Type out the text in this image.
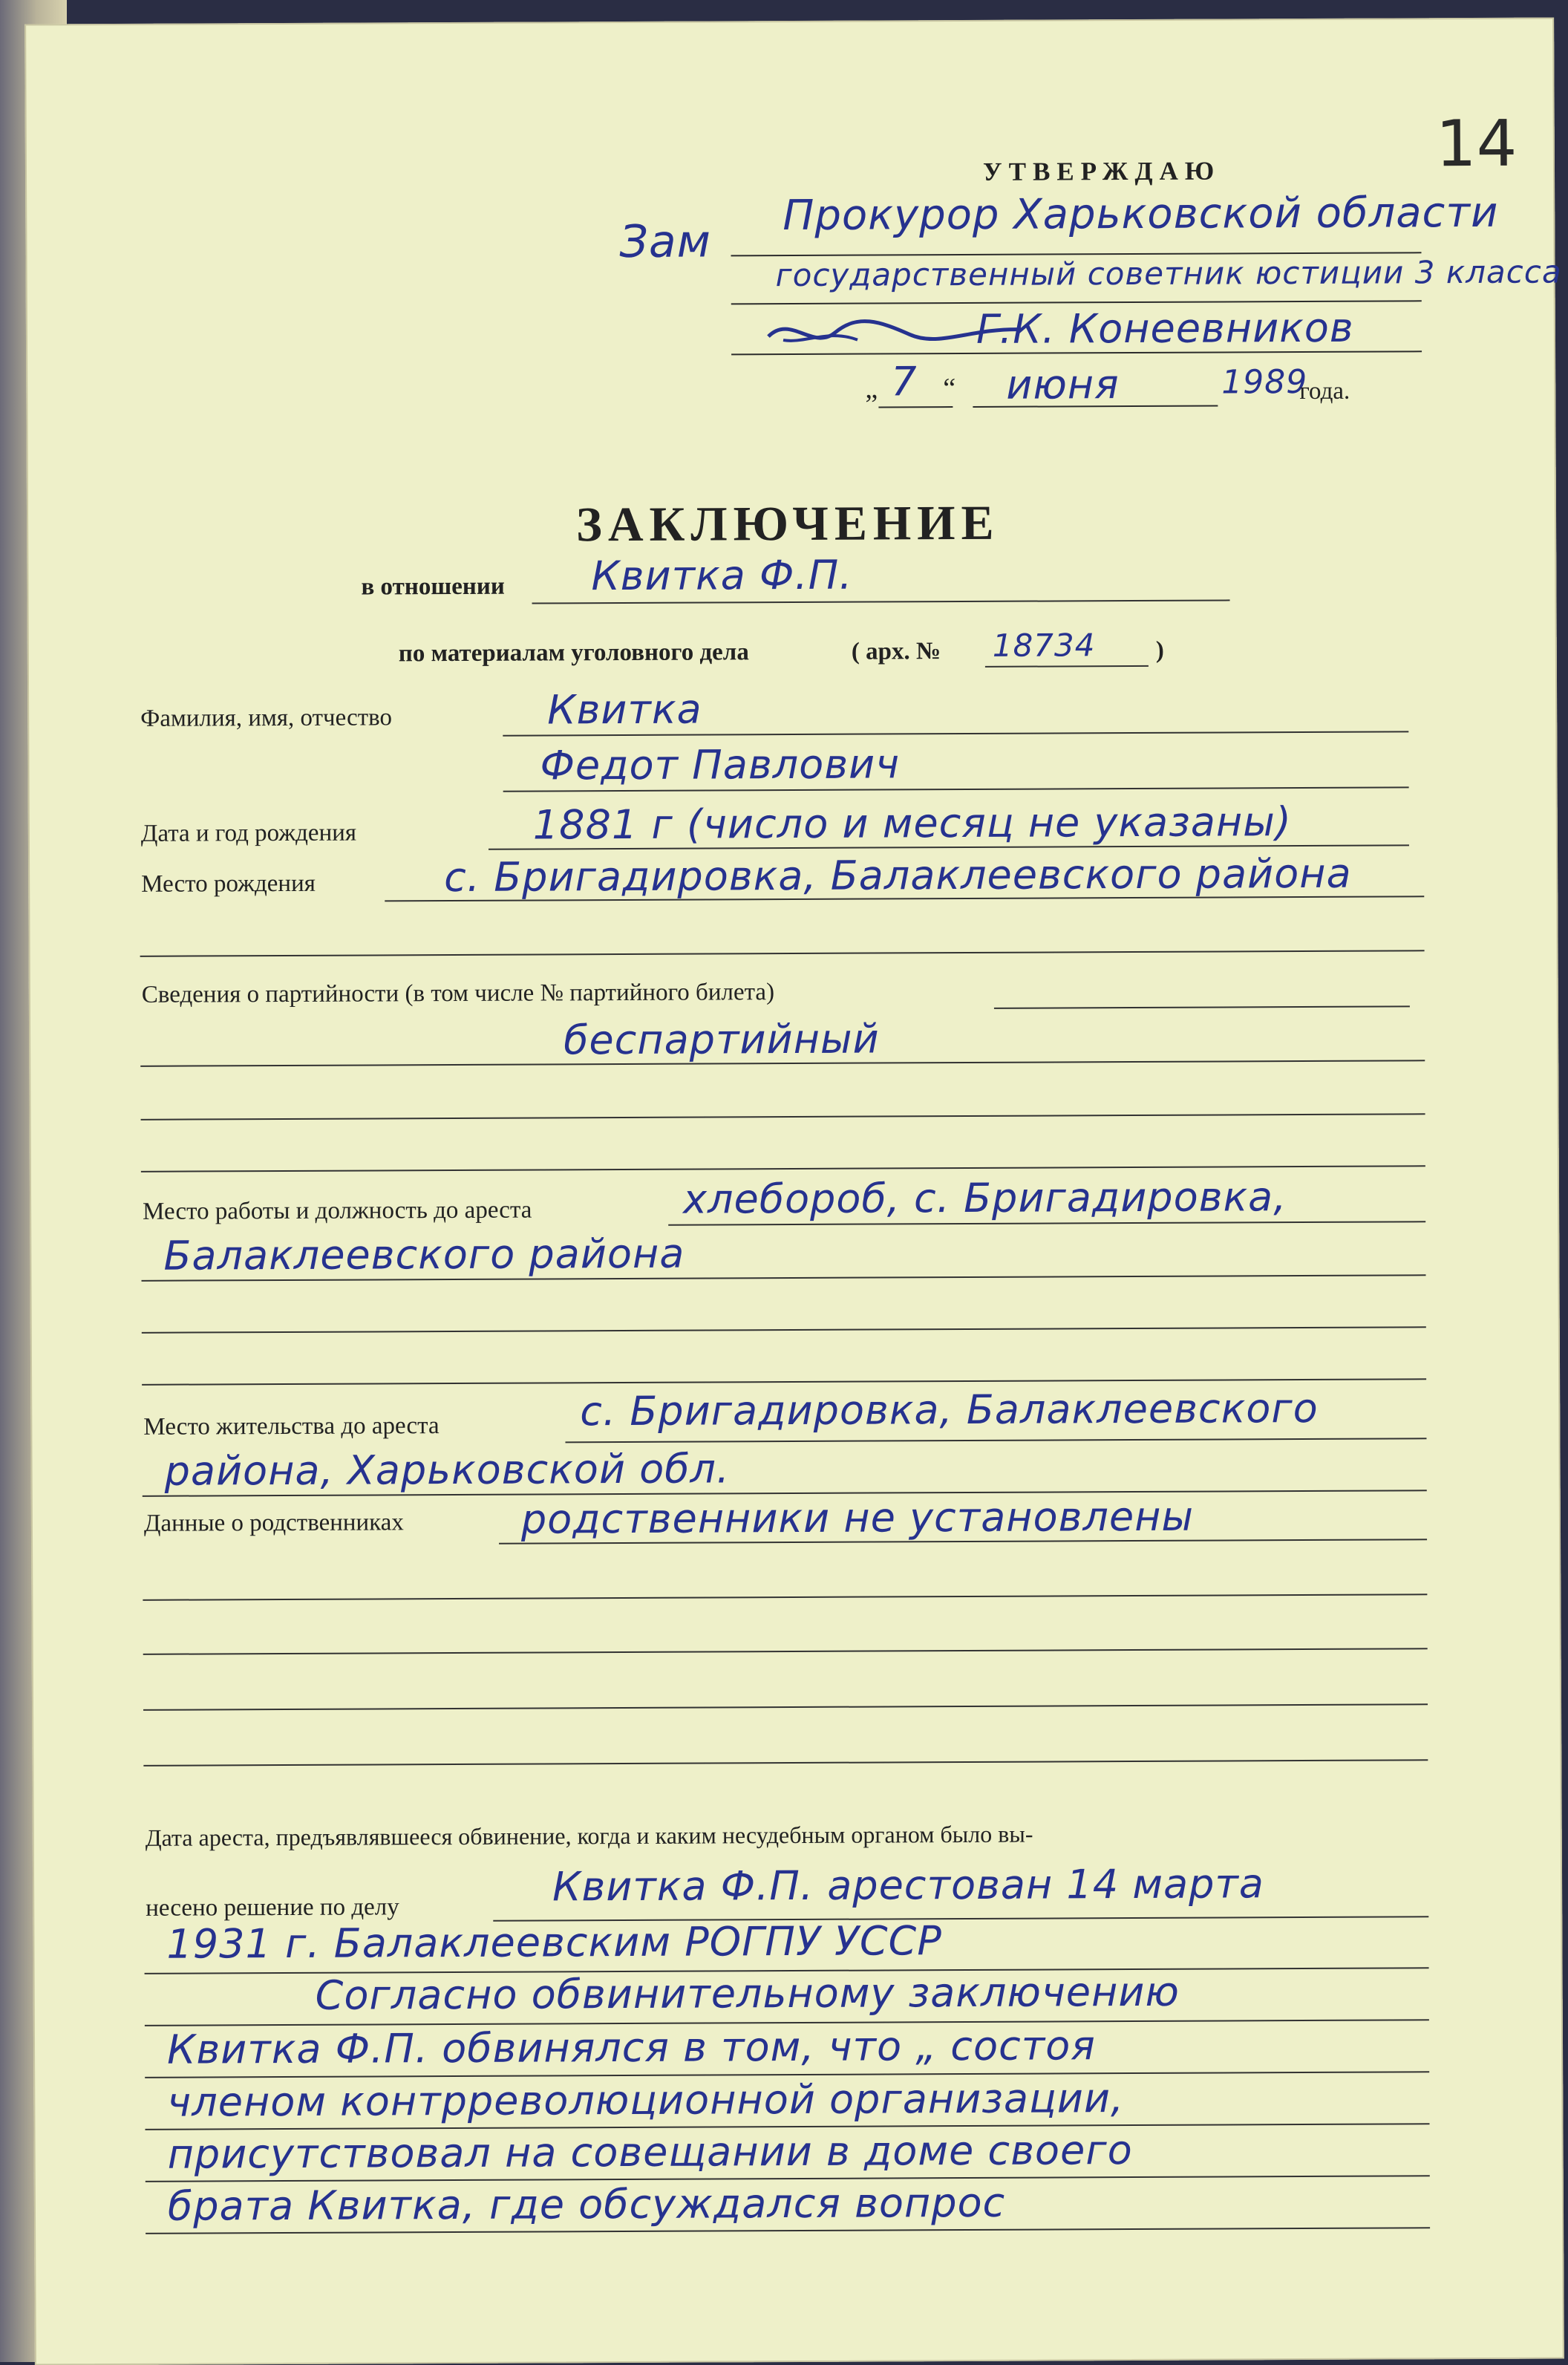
14
УТВЕРЖДАЮ
Зам
Прокурор Харьковской области
государственный советник юстиции 3 класса
Г.К. Конеевников
„ 7 “ июня	1989
года.
ЗАКЛЮЧЕНИЕ
в отношении Квитка Ф.П.
по материалам уголовного дела	( арх. № 18734 )
Фамилия, имя, отчество	Квитка
Федот Павлович
Дата и год рождения	1881 г (число и месяц не указаны)
Место рождения	с. Бригадировка, Балаклеевского района
Сведения о партийности (в том числе № партийного билета)
беспартийный
Место работы и должность до ареста	хлебороб, с. Бригадировка,
Балаклеевского района
Место жительства до ареста	с. Бригадировка, Балаклеевского
района, Харьковской обл.
Данные о родственниках	родственники не установлены
Дата ареста, предъявлявшееся обвинение, когда и каким несудебным органом было вы-
несено решение по делу	Квитка Ф.П. арестован 14 марта
1931 г. Балаклеевским РОГПУ УССР
Согласно обвинительному заключению
Квитка Ф.П. обвинялся в том, что „ состоя
членом контрреволюционной организации,
присутствовал на совещании в доме своего
брата Квитка, где обсуждался вопрос
